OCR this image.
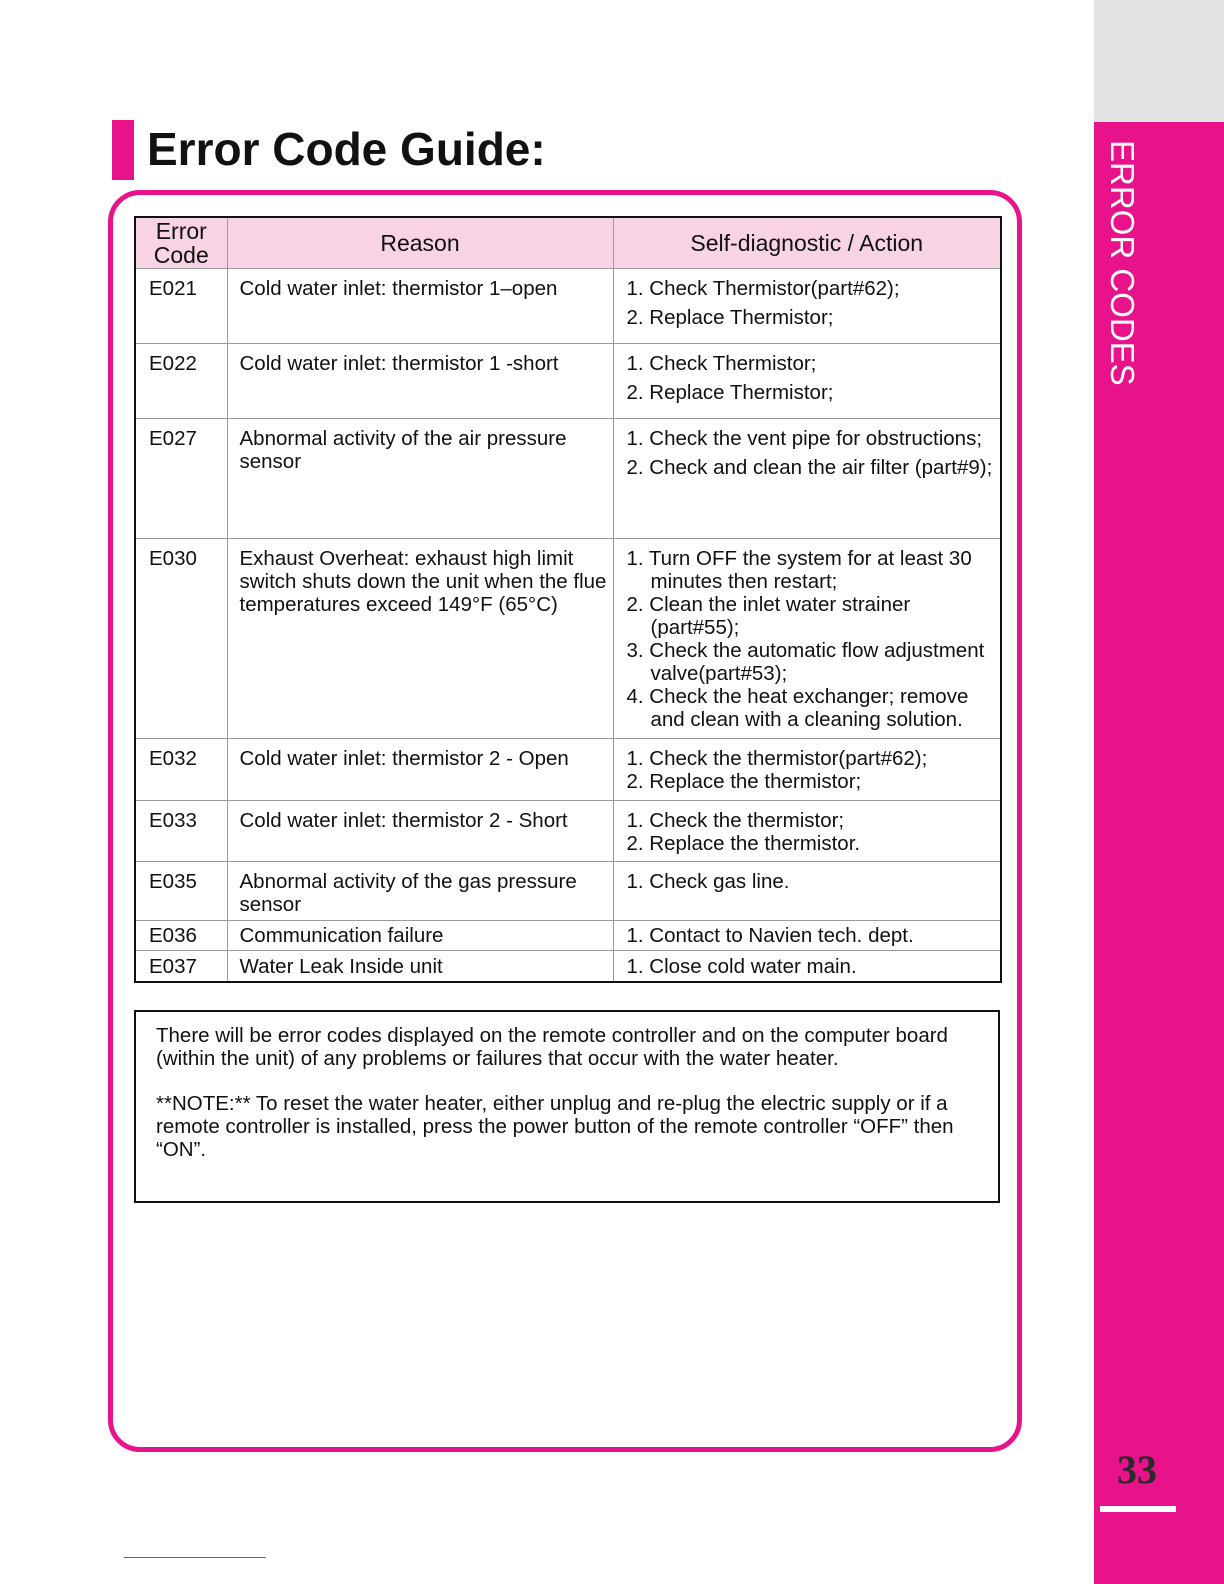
ERROR CODES
33
Error Code Guide:
Error
Code	Reason	Self-diagnostic / Action
E021	Cold water inlet: thermistor 1–open	1. Check Thermistor(part#62);
2. Replace Thermistor;

E022	Cold water inlet: thermistor 1 -short	1. Check Thermistor;
2. Replace Thermistor;

E027	Abnormal activity of the air pressure sensor	1. Check the vent pipe for obstructions;
2. Check and clean the air filter (part#9);

E030	Exhaust Overheat: exhaust high limit switch shuts down the unit when the flue temperatures exceed 149°F (65°C)	1. Turn OFF the system for at least 30 minutes then restart;
2. Clean the inlet water strainer (part#55);
3. Check the automatic flow adjustment valve(part#53);
4. Check the heat exchanger; remove and clean with a cleaning solution.

E032	Cold water inlet: thermistor 2 - Open	1. Check the thermistor(part#62);
2. Replace the thermistor;

E033	Cold water inlet: thermistor 2 - Short	1. Check the thermistor;
2. Replace the thermistor.

E035	Abnormal activity of the gas pressure sensor	1. Check gas line.

E036	Communication failure	1. Contact to Navien tech. dept.

E037	Water Leak Inside unit	1. Close cold water main.

There will be error codes displayed on the remote controller and on the computer board (within the unit) of any problems or failures that occur with the water heater.

**NOTE:** To reset the water heater, either unplug and re-plug the electric supply or if a remote controller is installed, press the power button of the remote controller “OFF” then “ON”.
